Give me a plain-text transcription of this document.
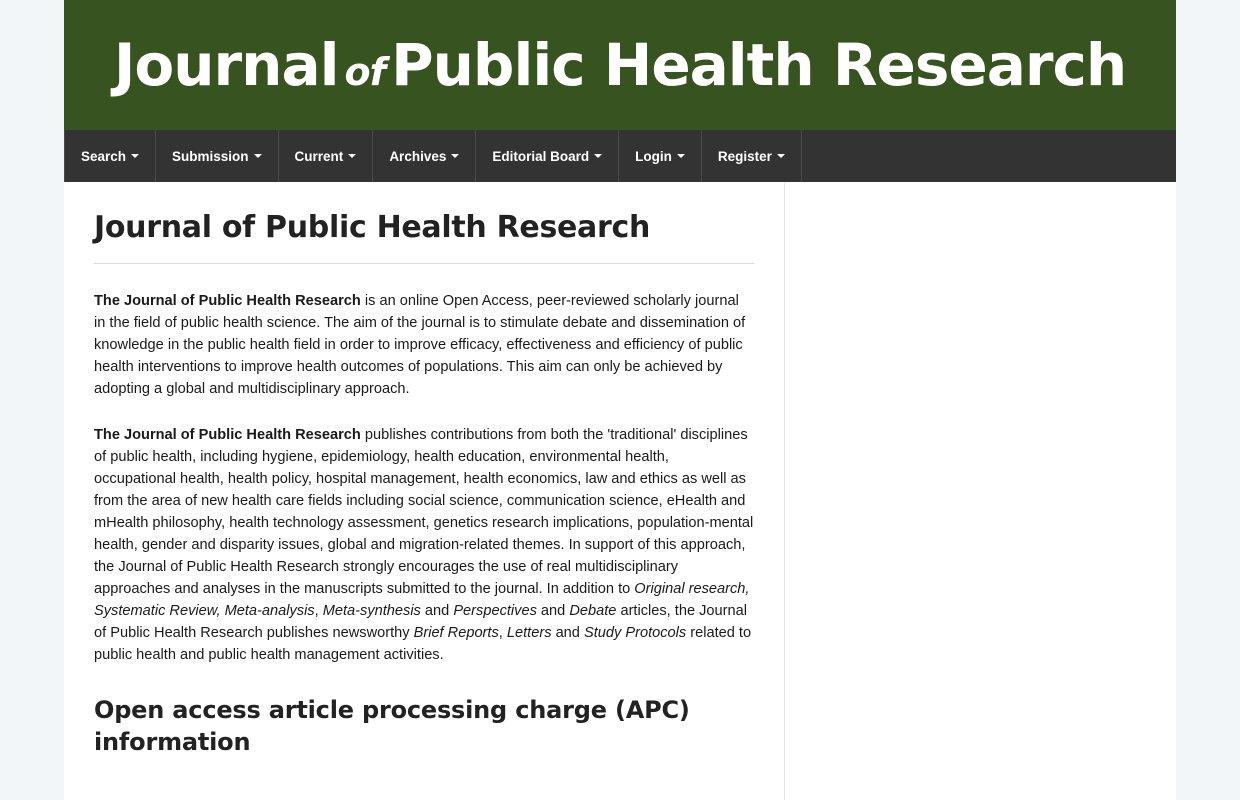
Journal of Public Health Research
Search	Submission	Current	Archives	Editorial Board	Login	Register
Journal of Public Health Research

The Journal of Public Health Research is an online Open Access, peer-reviewed scholarly journal in the field of public health science. The aim of the journal is to stimulate debate and dissemination of knowledge in the public health field in order to improve efficacy, effectiveness and efficiency of public health interventions to improve health outcomes of populations. This aim can only be achieved by adopting a global and multidisciplinary approach.

The Journal of Public Health Research publishes contributions from both the 'traditional' disciplines of public health, including hygiene, epidemiology, health education, environmental health, occupational health, health policy, hospital management, health economics, law and ethics as well as from the area of new health care fields including social science, communication science, eHealth and mHealth philosophy, health technology assessment, genetics research implications, population-mental health, gender and disparity issues, global and migration-related themes. In support of this approach, the Journal of Public Health Research strongly encourages the use of real multidisciplinary approaches and analyses in the manuscripts submitted to the journal. In addition to Original research, Systematic Review, Meta-analysis, Meta-synthesis and Perspectives and Debate articles, the Journal of Public Health Research publishes newsworthy Brief Reports, Letters and Study Protocols related to public health and public health management activities.

Open access article processing charge (APC) information
